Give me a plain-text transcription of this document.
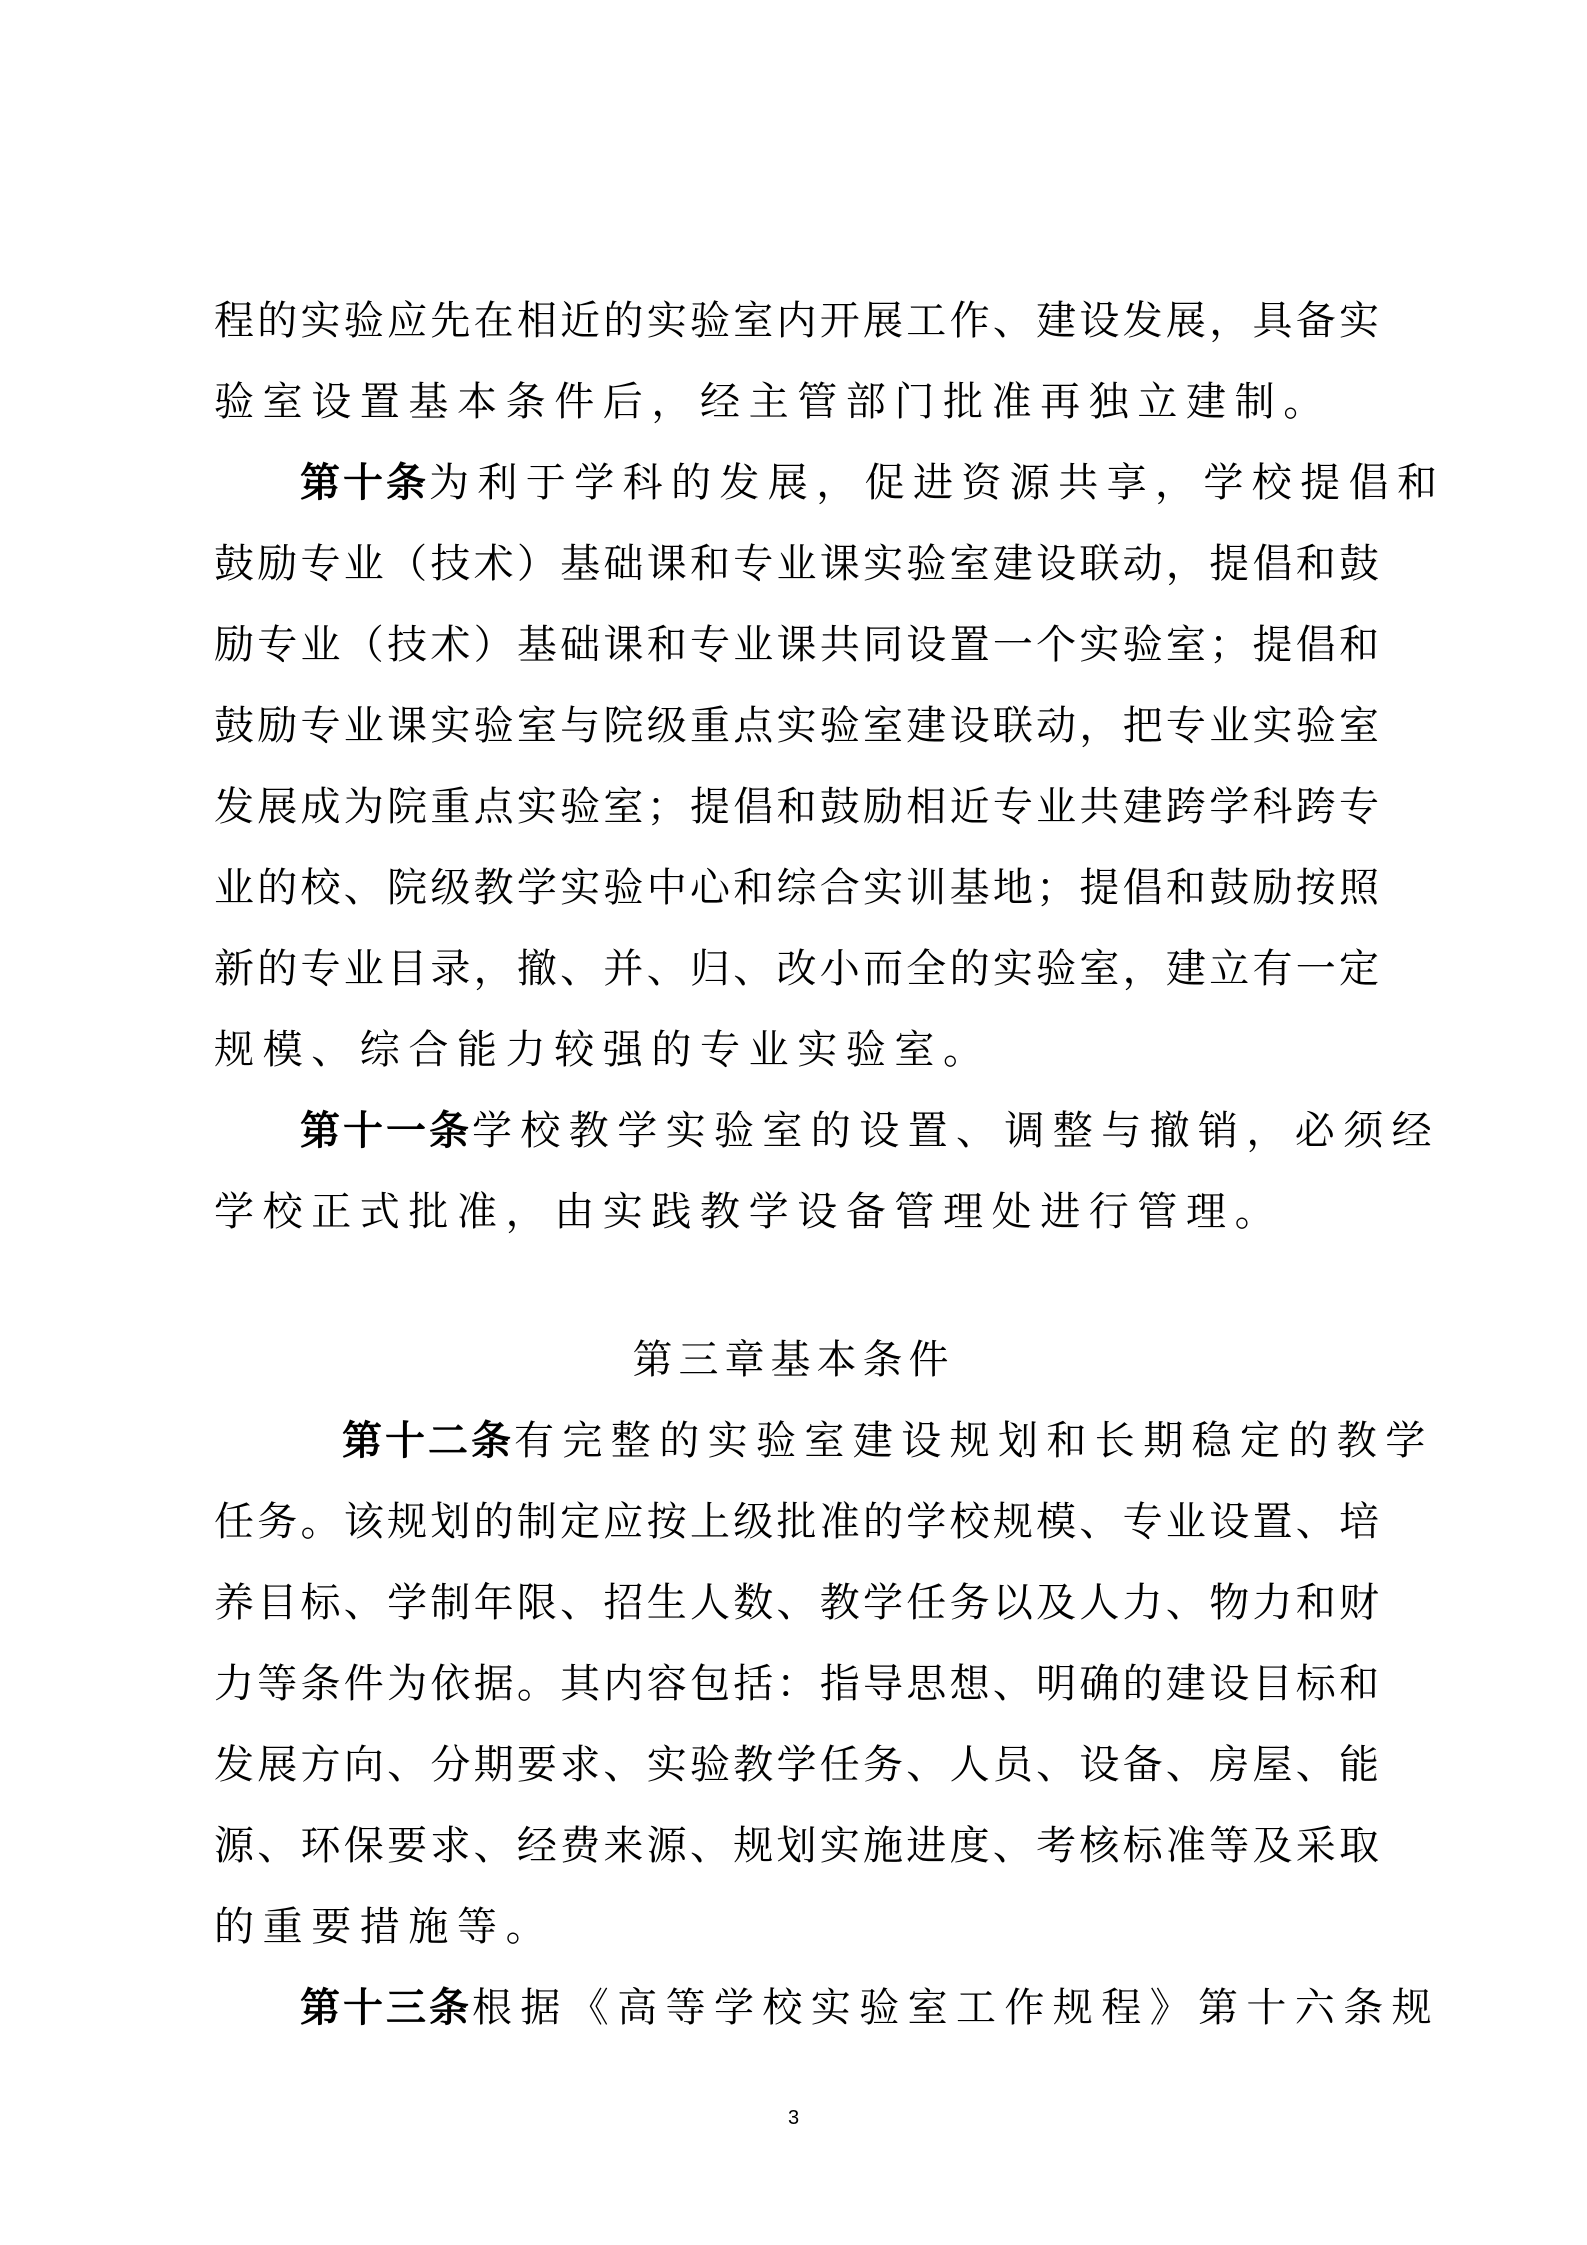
程的实验应先在相近的实验室内开展工作、建设发展，具备实
验室设置基本条件后，经主管部门批准再独立建制。
第十条 为利于学科的发展，促进资源共享，学校提倡和
鼓励专业（技术）基础课和专业课实验室建设联动，提倡和鼓
励专业（技术）基础课和专业课共同设置一个实验室；提倡和
鼓励专业课实验室与院级重点实验室建设联动，把专业实验室
发展成为院重点实验室；提倡和鼓励相近专业共建跨学科跨专
业的校、院级教学实验中心和综合实训基地；提倡和鼓励按照
新的专业目录，撤、并、归、改小而全的实验室，建立有一定
规模、综合能力较强的专业实验室。
第十一条 学校教学实验室的设置、调整与撤销，必须经
学校正式批准，由实践教学设备管理处进行管理。
第三章基本条件
第十二条 有完整的实验室建设规划和长期稳定的教学
任务。该规划的制定应按上级批准的学校规模、专业设置、培
养目标、学制年限、招生人数、教学任务以及人力、物力和财
力等条件为依据。其内容包括：指导思想、明确的建设目标和
发展方向、分期要求、实验教学任务、人员、设备、房屋、能
源、环保要求、经费来源、规划实施进度、考核标准等及采取
的重要措施等。
第十三条 根据《高等学校实验室工作规程》第十六条规
3
